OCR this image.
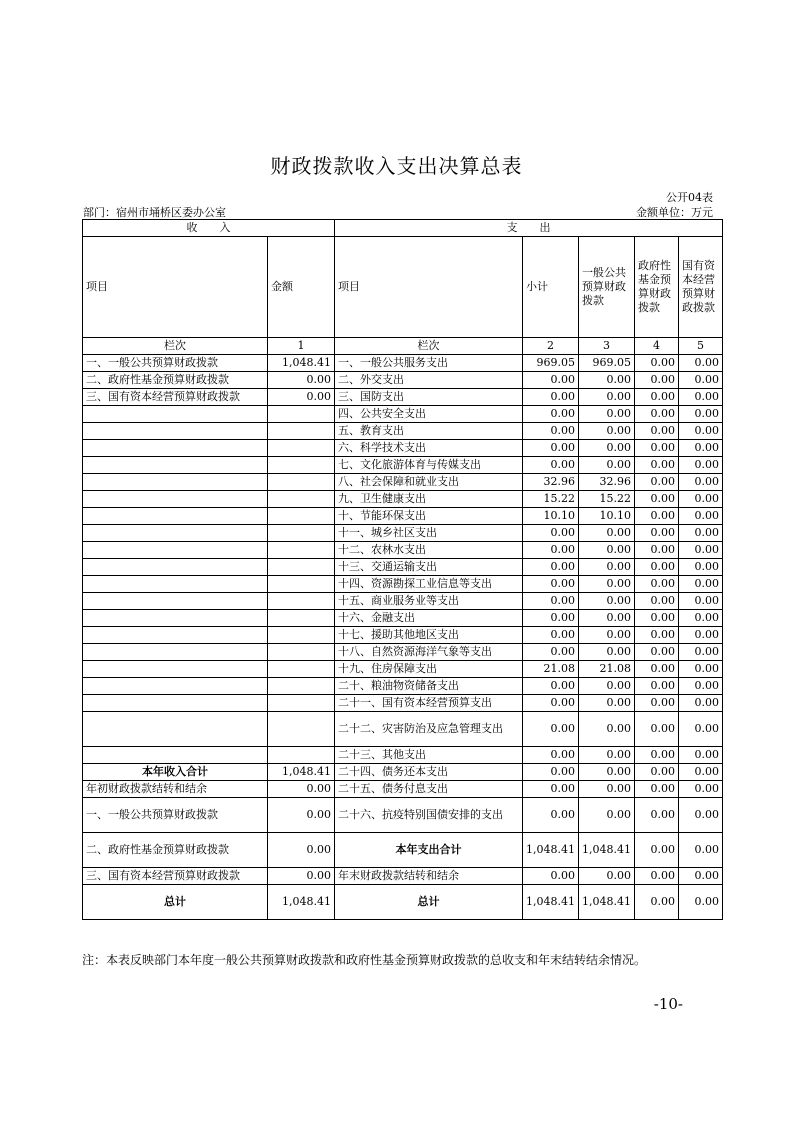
财政拨款收入支出决算总表
公开04表
部门：宿州市埇桥区委办公室	金额单位：万元
收　　入		支　　出				
项目	金额	项目	小计	一般公共预算财政拨款	政府性基金预算财政拨款	国有资本经营预算财政拨款
栏次	1	栏次	2	3	4	5
一、一般公共预算财政拨款	1,048.41	一、一般公共服务支出	969.05	969.05	0.00	0.00
二、政府性基金预算财政拨款	0.00	二、外交支出	0.00	0.00	0.00	0.00
三、国有资本经营预算财政拨款	0.00	三、国防支出	0.00	0.00	0.00	0.00
		四、公共安全支出	0.00	0.00	0.00	0.00
		五、教育支出	0.00	0.00	0.00	0.00
		六、科学技术支出	0.00	0.00	0.00	0.00
		七、文化旅游体育与传媒支出	0.00	0.00	0.00	0.00
		八、社会保障和就业支出	32.96	32.96	0.00	0.00
		九、卫生健康支出	15.22	15.22	0.00	0.00
		十、节能环保支出	10.10	10.10	0.00	0.00
		十一、城乡社区支出	0.00	0.00	0.00	0.00
		十二、农林水支出	0.00	0.00	0.00	0.00
		十三、交通运输支出	0.00	0.00	0.00	0.00
		十四、资源勘探工业信息等支出	0.00	0.00	0.00	0.00
		十五、商业服务业等支出	0.00	0.00	0.00	0.00
		十六、金融支出	0.00	0.00	0.00	0.00
		十七、援助其他地区支出	0.00	0.00	0.00	0.00
		十八、自然资源海洋气象等支出	0.00	0.00	0.00	0.00
		十九、住房保障支出	21.08	21.08	0.00	0.00
		二十、粮油物资储备支出	0.00	0.00	0.00	0.00
		二十一、国有资本经营预算支出	0.00	0.00	0.00	0.00
		二十二、灾害防治及应急管理支出	0.00	0.00	0.00	0.00
		二十三、其他支出	0.00	0.00	0.00	0.00
本年收入合计	1,048.41	二十四、债务还本支出	0.00	0.00	0.00	0.00
年初财政拨款结转和结余	0.00	二十五、债务付息支出	0.00	0.00	0.00	0.00
一、一般公共预算财政拨款	0.00	二十六、抗疫特别国债安排的支出	0.00	0.00	0.00	0.00
二、政府性基金预算财政拨款	0.00	本年支出合计	1,048.41	1,048.41	0.00	0.00
三、国有资本经营预算财政拨款	0.00	年末财政拨款结转和结余	0.00	0.00	0.00	0.00
总计	1,048.41	总计	1,048.41	1,048.41	0.00	0.00
注：本表反映部门本年度一般公共预算财政拨款和政府性基金预算财政拨款的总收支和年末结转结余情况。
-10-
